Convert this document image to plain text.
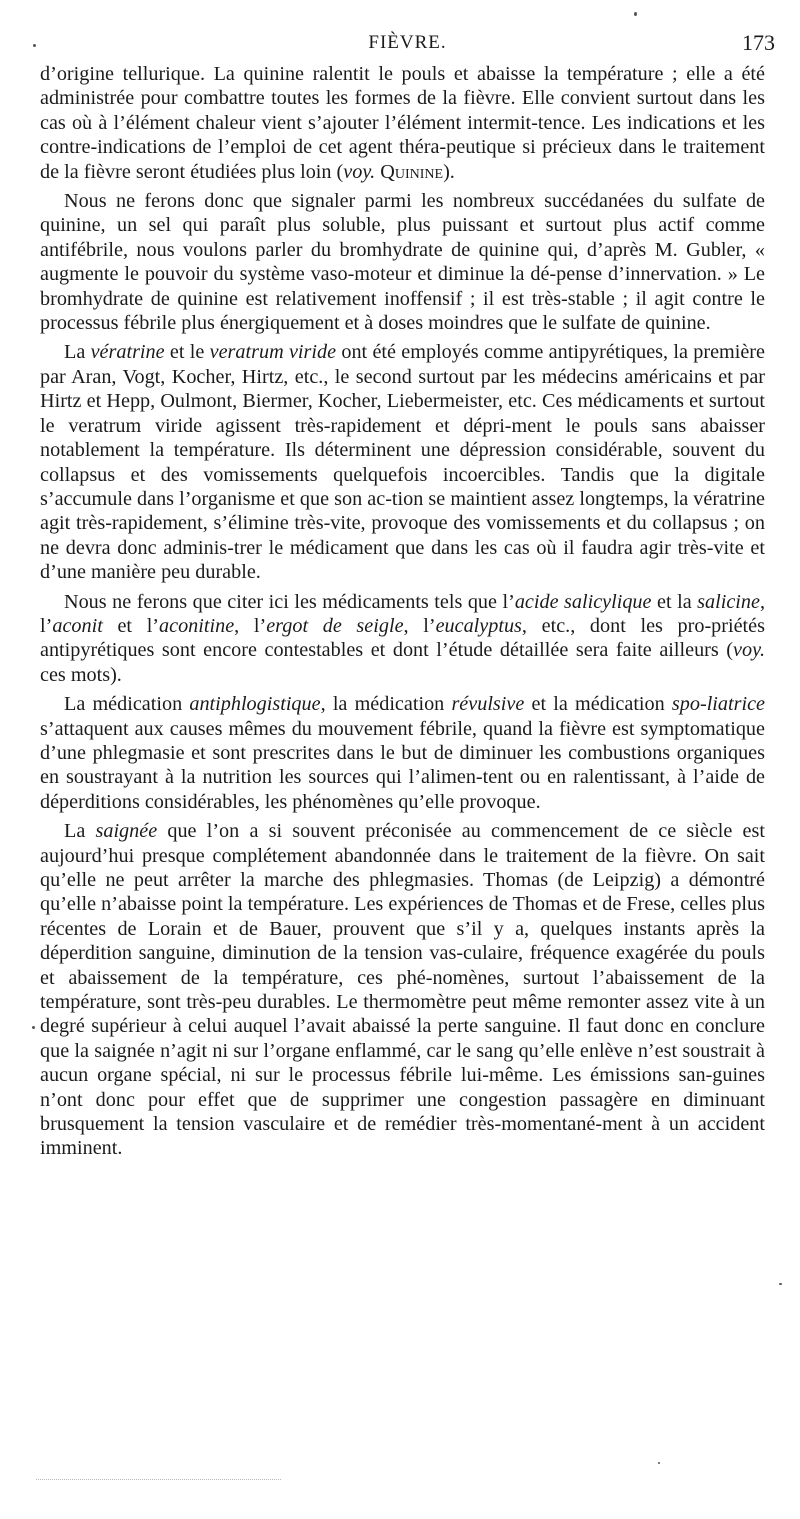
FIÈVRE.	173

d’origine tellurique. La quinine ralentit le pouls et abaisse la température ; elle a été administrée pour combattre toutes les formes de la fièvre. Elle convient surtout dans les cas où à l’élément chaleur vient s’ajouter l’élément intermit-tence. Les indications et les contre-indications de l’emploi de cet agent théra-peutique si précieux dans le traitement de la fièvre seront étudiées plus loin (voy. Quinine).

Nous ne ferons donc que signaler parmi les nombreux succédanées du sulfate de quinine, un sel qui paraît plus soluble, plus puissant et surtout plus actif comme antifébrile, nous voulons parler du bromhydrate de quinine qui, d’après M. Gubler, « augmente le pouvoir du système vaso-moteur et diminue la dé-pense d’innervation. » Le bromhydrate de quinine est relativement inoffensif ; il est très-stable ; il agit contre le processus fébrile plus énergiquement et à doses moindres que le sulfate de quinine.

La vératrine et le veratrum viride ont été employés comme antipyrétiques, la première par Aran, Vogt, Kocher, Hirtz, etc., le second surtout par les médecins américains et par Hirtz et Hepp, Oulmont, Biermer, Kocher, Liebermeister, etc. Ces médicaments et surtout le veratrum viride agissent très-rapidement et dépri-ment le pouls sans abaisser notablement la température. Ils déterminent une dépression considérable, souvent du collapsus et des vomissements quelquefois incoercibles. Tandis que la digitale s’accumule dans l’organisme et que son ac-tion se maintient assez longtemps, la vératrine agit très-rapidement, s’élimine très-vite, provoque des vomissements et du collapsus ; on ne devra donc adminis-trer le médicament que dans les cas où il faudra agir très-vite et d’une manière peu durable.

Nous ne ferons que citer ici les médicaments tels que l’acide salicylique et la salicine, l’aconit et l’aconitine, l’ergot de seigle, l’eucalyptus, etc., dont les pro-priétés antipyrétiques sont encore contestables et dont l’étude détaillée sera faite ailleurs (voy. ces mots).

La médication antiphlogistique, la médication révulsive et la médication spo-liatrice s’attaquent aux causes mêmes du mouvement fébrile, quand la fièvre est symptomatique d’une phlegmasie et sont prescrites dans le but de diminuer les combustions organiques en soustrayant à la nutrition les sources qui l’alimen-tent ou en ralentissant, à l’aide de déperditions considérables, les phénomènes qu’elle provoque.

La saignée que l’on a si souvent préconisée au commencement de ce siècle est aujourd’hui presque complétement abandonnée dans le traitement de la fièvre. On sait qu’elle ne peut arrêter la marche des phlegmasies. Thomas (de Leipzig) a démontré qu’elle n’abaisse point la température. Les expériences de Thomas et de Frese, celles plus récentes de Lorain et de Bauer, prouvent que s’il y a, quelques instants après la déperdition sanguine, diminution de la tension vas-culaire, fréquence exagérée du pouls et abaissement de la température, ces phé-nomènes, surtout l’abaissement de la température, sont très-peu durables. Le thermomètre peut même remonter assez vite à un degré supérieur à celui auquel l’avait abaissé la perte sanguine. Il faut donc en conclure que la saignée n’agit ni sur l’organe enflammé, car le sang qu’elle enlève n’est soustrait à aucun organe spécial, ni sur le processus fébrile lui-même. Les émissions san-guines n’ont donc pour effet que de supprimer une congestion passagère en diminuant brusquement la tension vasculaire et de remédier très-momentané-ment à un accident imminent.
